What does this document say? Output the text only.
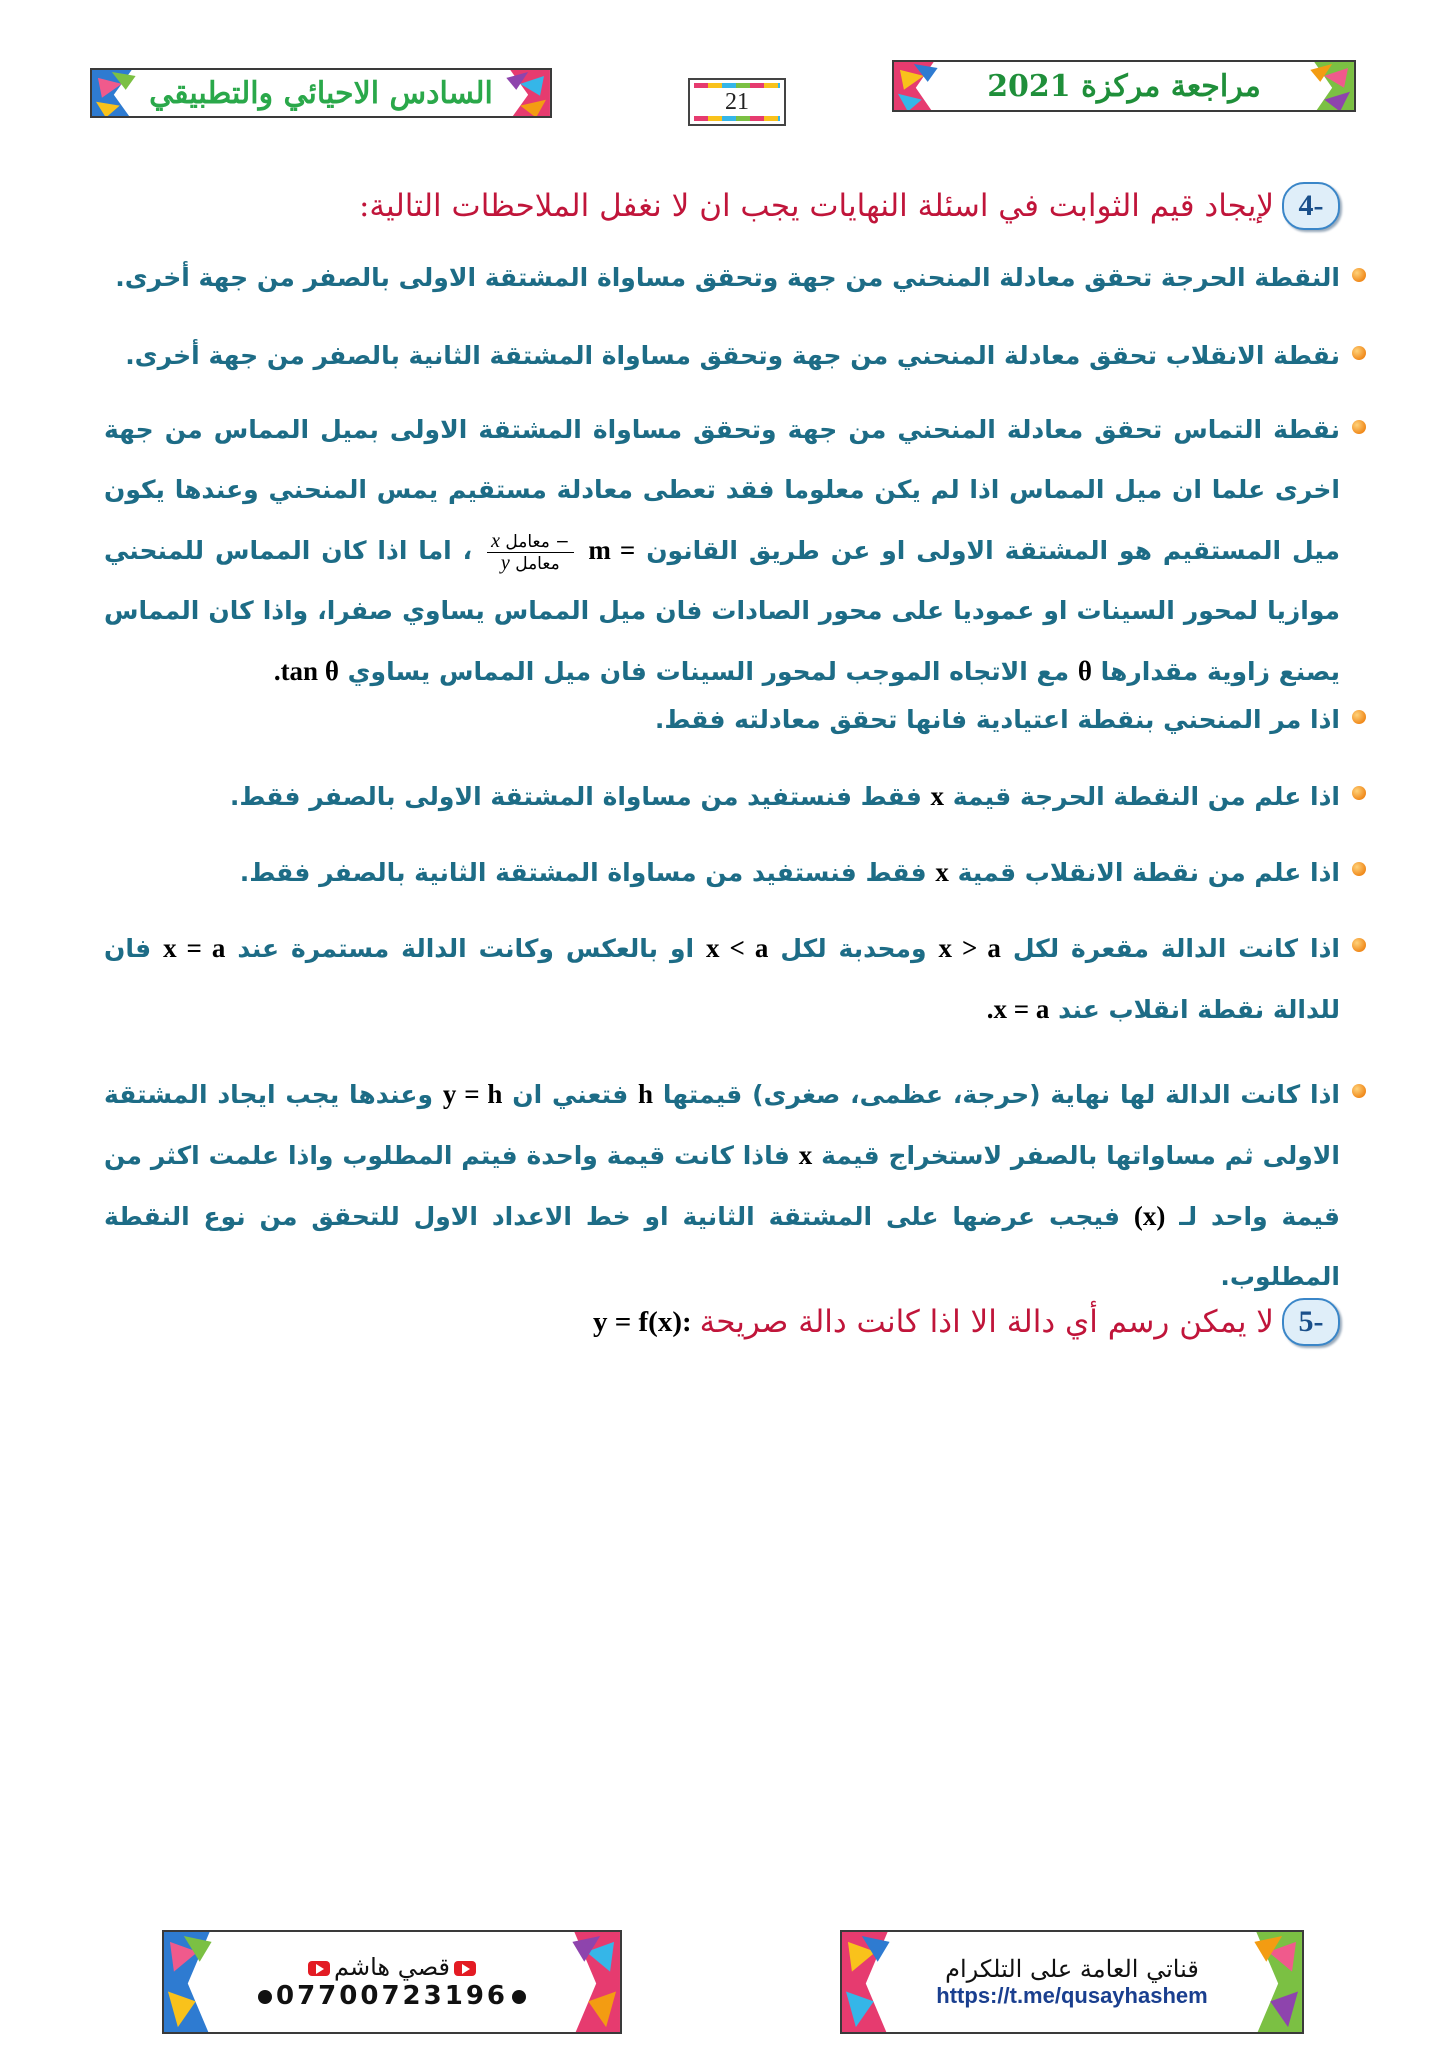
السادس الاحيائي والتطبيقي	21	مراجعة مركزة 2021
4-
لإيجاد قيم الثوابت في اسئلة النهايات يجب ان لا نغفل الملاحظات التالية:
النقطة الحرجة تحقق معادلة المنحني من جهة وتحقق مساواة المشتقة الاولى بالصفر من جهة أخرى.
نقطة الانقلاب تحقق معادلة المنحني من جهة وتحقق مساواة المشتقة الثانية بالصفر من جهة أخرى.
نقطة التماس تحقق معادلة المنحني من جهة وتحقق مساواة المشتقة الاولى بميل المماس من جهة اخرى علما ان ميل المماس اذا لم يكن معلوما فقد تعطى معادلة مستقيم يمس المنحني وعندها يكون ميل المستقيم هو المشتقة الاولى او عن طريق القانون m =
$\frac{\text{− معامل x}}{\text{معامل y}}$
، اما اذا كان المماس للمنحني موازيا لمحور السينات او عموديا على محور الصادات فان ميل المماس يساوي صفرا، واذا كان المماس يصنع زاوية مقدارها θ مع الاتجاه الموجب لمحور السينات فان ميل المماس يساوي tan θ.
اذا مر المنحني بنقطة اعتيادية فانها تحقق معادلته فقط.
اذا علم من النقطة الحرجة قيمة x فقط فنستفيد من مساواة المشتقة الاولى بالصفر فقط.
اذا علم من نقطة الانقلاب قمية x فقط فنستفيد من مساواة المشتقة الثانية بالصفر فقط.
اذا كانت الدالة مقعرة لكل x > a ومحدبة لكل x < a او بالعكس وكانت الدالة مستمرة عند x = a فان للدالة نقطة انقلاب عند x = a.
اذا كانت الدالة لها نهاية (حرجة، عظمى، صغرى) قيمتها h فتعني ان y = h وعندها يجب ايجاد المشتقة الاولى ثم مساواتها بالصفر لاستخراج قيمة x فاذا كانت قيمة واحدة فيتم المطلوب واذا علمت اكثر من قيمة واحد لـ (x) فيجب عرضها على المشتقة الثانية او خط الاعداد الاول للتحقق من نوع النقطة المطلوب.
5-
لا يمكن رسم أي دالة الا اذا كانت دالة صريحة
y = f(x):
قصي هاشم
07700723196
قناتي العامة على التلكرام
https://t.me/qusayhashem
